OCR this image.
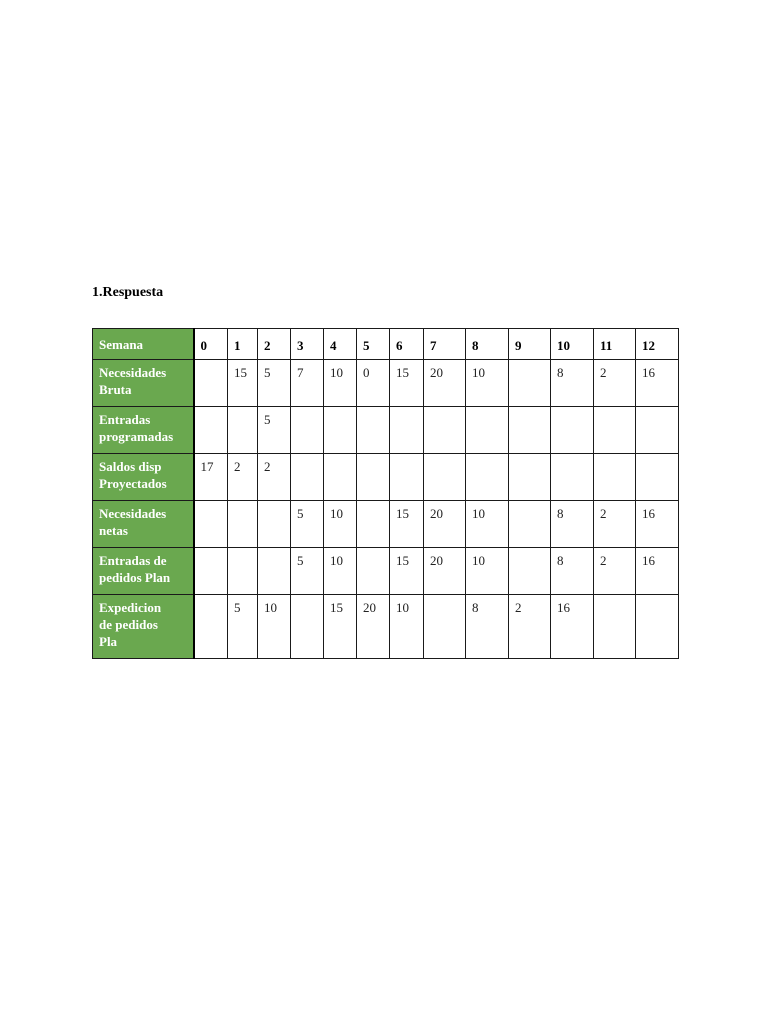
1.Respuesta
Semana	0	1	2	3	4	5	6	7	8	9	10	11	12
Necesidades
Bruta		15	5	7	10	0	15	20	10		8	2	16
Entradas
programadas			5										
Saldos disp
Proyectados	17	2	2										
Necesidades
netas				5	10		15	20	10		8	2	16
Entradas de
pedidos Plan				5	10		15	20	10		8	2	16
Expedicion
de pedidos
Pla		5	10		15	20	10		8	2	16		
